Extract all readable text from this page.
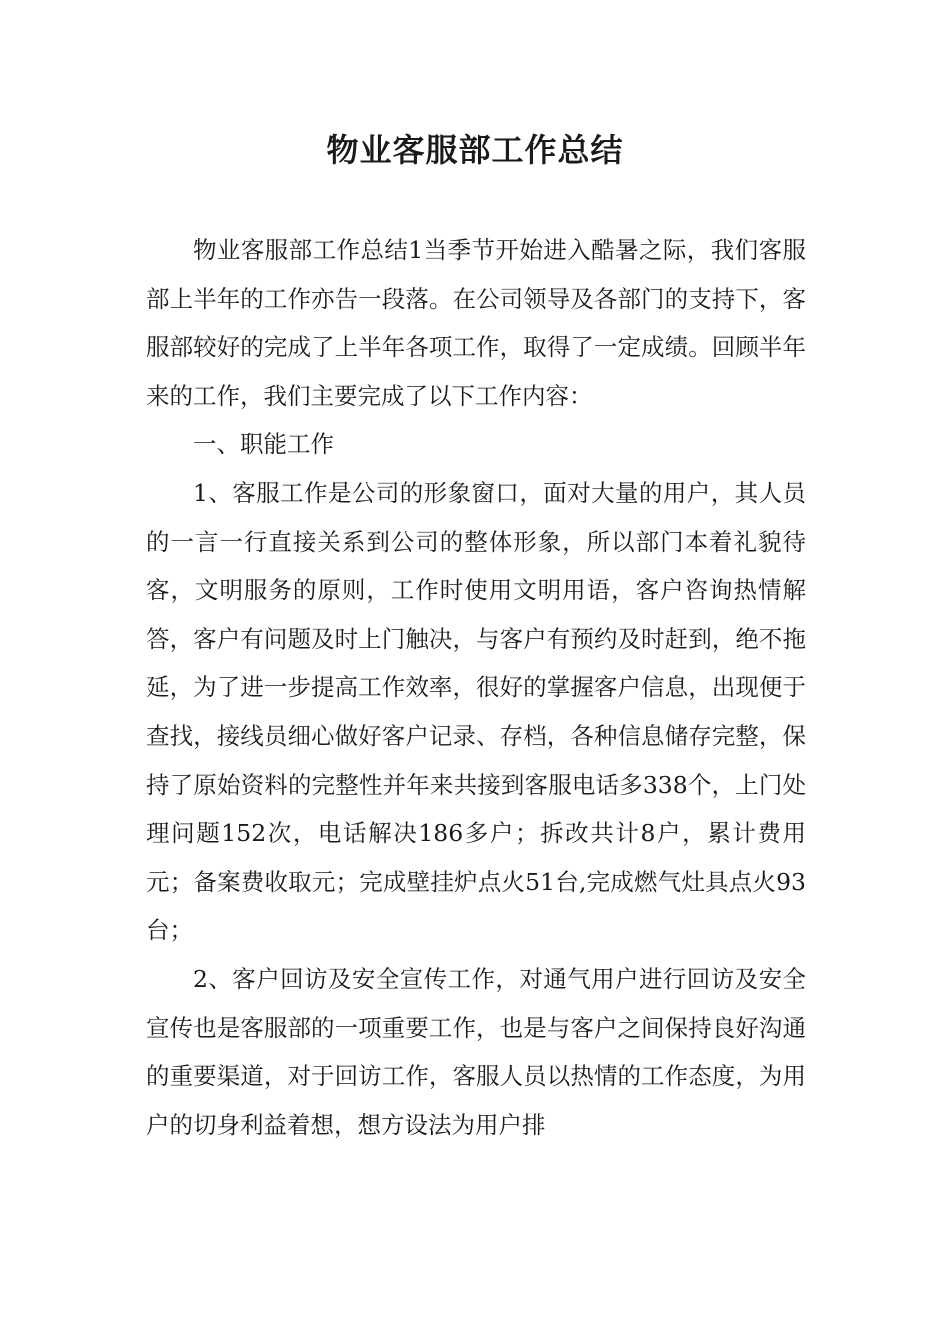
物业客服部工作总结

物业客服部工作总结1当季节开始进入酷暑之际，我们客服部上半年的工作亦告一段落。在公司领导及各部门的支持下，客服部较好的完成了上半年各项工作，取得了一定成绩。回顾半年来的工作，我们主要完成了以下工作内容：

一、职能工作

1、客服工作是公司的形象窗口，面对大量的用户，其人员的一言一行直接关系到公司的整体形象，所以部门本着礼貌待客，文明服务的原则，工作时使用文明用语，客户咨询热情解答，客户有问题及时上门触决，与客户有预约及时赶到，绝不拖延，为了进一步提高工作效率，很好的掌握客户信息，出现便于查找，接线员细心做好客户记录、存档，各种信息储存完整，保持了原始资料的完整性并年来共接到客服电话多338个，上门处理问题152次，电话解决186多户；拆改共计8户，累计费用元；备案费收取元；完成壁挂炉点火51台,完成燃气灶具点火93台；

2、客户回访及安全宣传工作，对通气用户进行回访及安全宣传也是客服部的一项重要工作，也是与客户之间保持良好沟通的重要渠道，对于回访工作，客服人员以热情的工作态度，为用户的切身利益着想，想方设法为用户排
